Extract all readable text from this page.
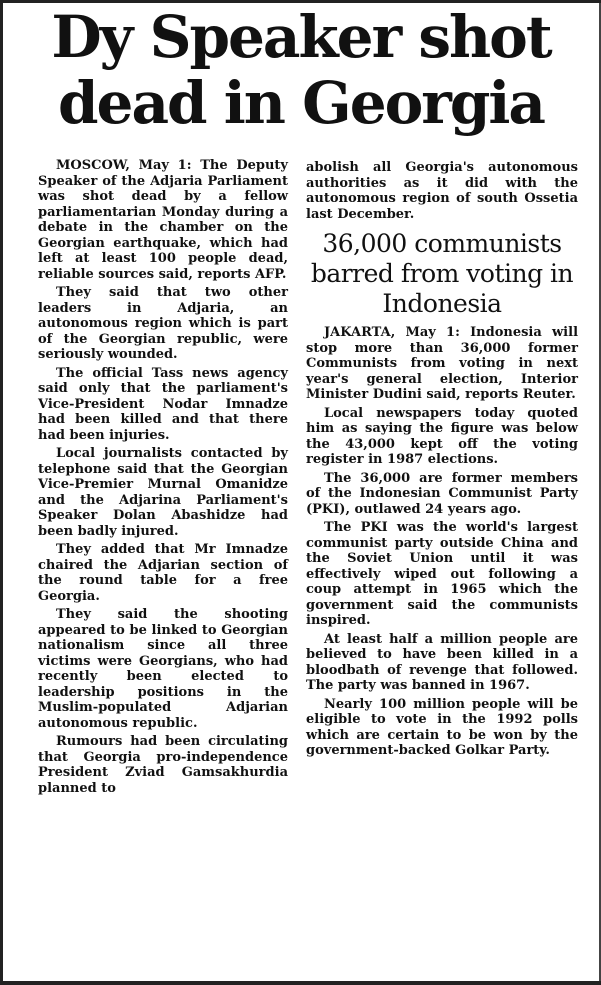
Dy Speaker shot dead in Georgia

MOSCOW, May 1: The Deputy Speaker of the Adjaria Parliament was shot dead by a fellow parliamentarian Monday during a debate in the chamber on the Georgian earthquake, which had left at least 100 people dead, reliable sources said, reports AFP.

They said that two other leaders in Adjaria, an autonomous region which is part of the Georgian republic, were seriously wounded.

The official Tass news agency said only that the parliament's Vice-President Nodar Imnadze had been killed and that there had been injuries.

Local journalists contacted by telephone said that the Georgian Vice-Premier Murnal Omanidze and the Adjarina Parliament's Speaker Dolan Abashidze had been badly injured.

They added that Mr Imnadze chaired the Adjarian section of the round table for a free Georgia.

They said the shooting appeared to be linked to Georgian nationalism since all three victims were Georgians, who had recently been elected to leadership positions in the Muslim-populated Adjarian autonomous republic.

Rumours had been circulating that Georgia pro-independence President Zviad Gamsakhurdia planned to

abolish all Georgia's autonomous authorities as it did with the autonomous region of south Ossetia last December.

36,000 communists barred from voting in Indonesia

JAKARTA, May 1: Indonesia will stop more than 36,000 former Communists from voting in next year's general election, Interior Minister Dudini said, reports Reuter.

Local newspapers today quoted him as saying the figure was below the 43,000 kept off the voting register in 1987 elections.

The 36,000 are former members of the Indonesian Communist Party (PKI), outlawed 24 years ago.

The PKI was the world's largest communist party outside China and the Soviet Union until it was effectively wiped out following a coup attempt in 1965 which the government said the communists inspired.

At least half a million people are believed to have been killed in a bloodbath of revenge that followed. The party was banned in 1967.

Nearly 100 million people will be eligible to vote in the 1992 polls which are certain to be won by the government-backed Golkar Party.
